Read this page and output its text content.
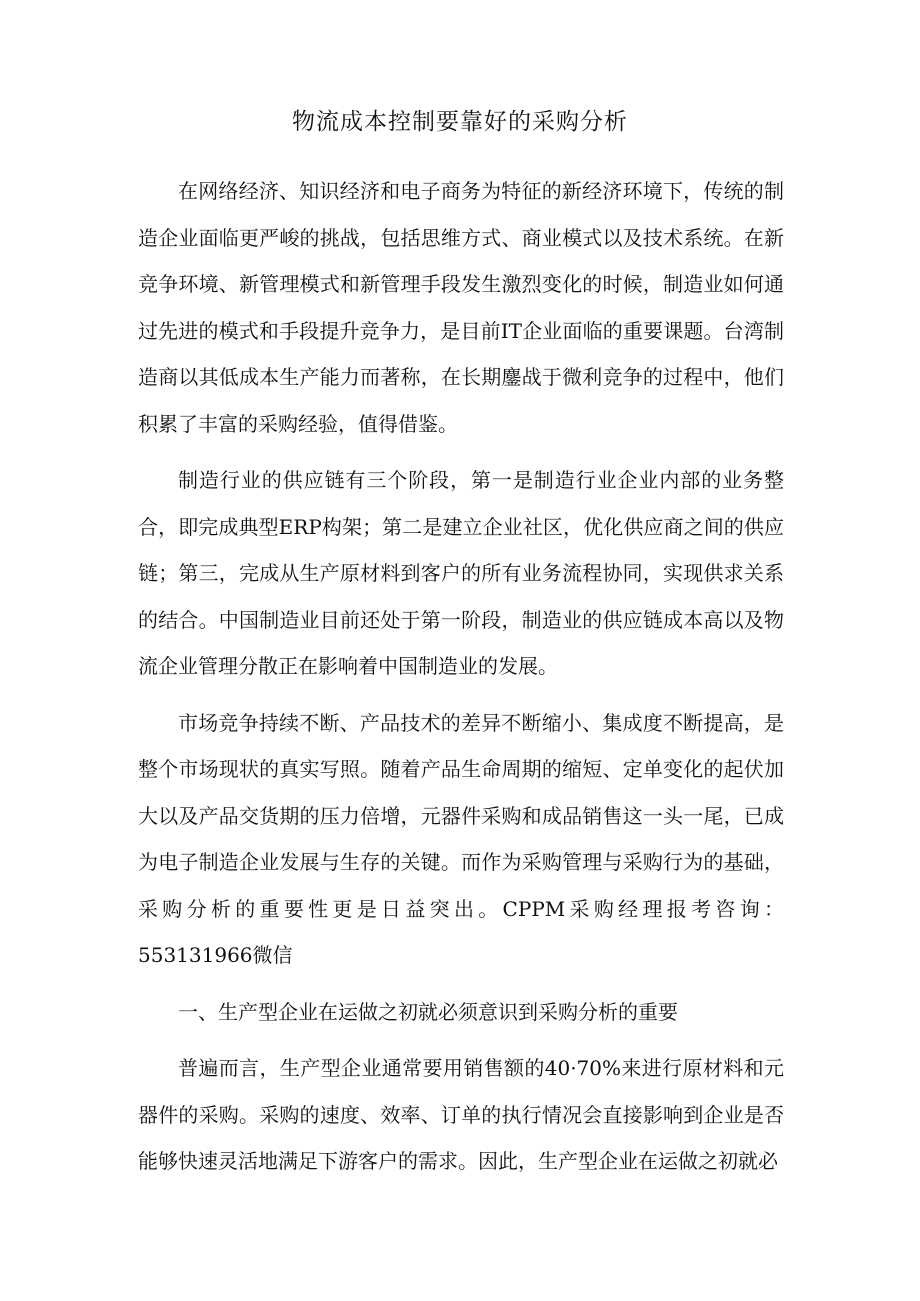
物流成本控制要靠好的采购分析

在网络经济、知识经济和电子商务为特征的新经济环境下，传统的制造企业面临更严峻的挑战，包括思维方式、商业模式以及技术系统。在新竞争环境、新管理模式和新管理手段发生激烈变化的时候，制造业如何通过先进的模式和手段提升竞争力，是目前IT企业面临的重要课题。台湾制造商以其低成本生产能力而著称，在长期鏖战于微利竞争的过程中，他们积累了丰富的采购经验，值得借鉴。

制造行业的供应链有三个阶段，第一是制造行业企业内部的业务整合，即完成典型ERP构架；第二是建立企业社区，优化供应商之间的供应链；第三，完成从生产原材料到客户的所有业务流程协同，实现供求关系的结合。中国制造业目前还处于第一阶段，制造业的供应链成本高以及物流企业管理分散正在影响着中国制造业的发展。

市场竞争持续不断、产品技术的差异不断缩小、集成度不断提高，是整个市场现状的真实写照。随着产品生命周期的缩短、定单变化的起伏加大以及产品交货期的压力倍增，元器件采购和成品销售这一头一尾，已成为电子制造企业发展与生存的关键。而作为采购管理与采购行为的基础，采购分析的重要性更是日益突出。CPPM采购经理报考咨询：553131966微信

一、生产型企业在运做之初就必须意识到采购分析的重要

普遍而言，生产型企业通常要用销售额的40·70%来进行原材料和元器件的采购。采购的速度、效率、订单的执行情况会直接影响到企业是否能够快速灵活地满足下游客户的需求。因此，生产型企业在运做之初就必
